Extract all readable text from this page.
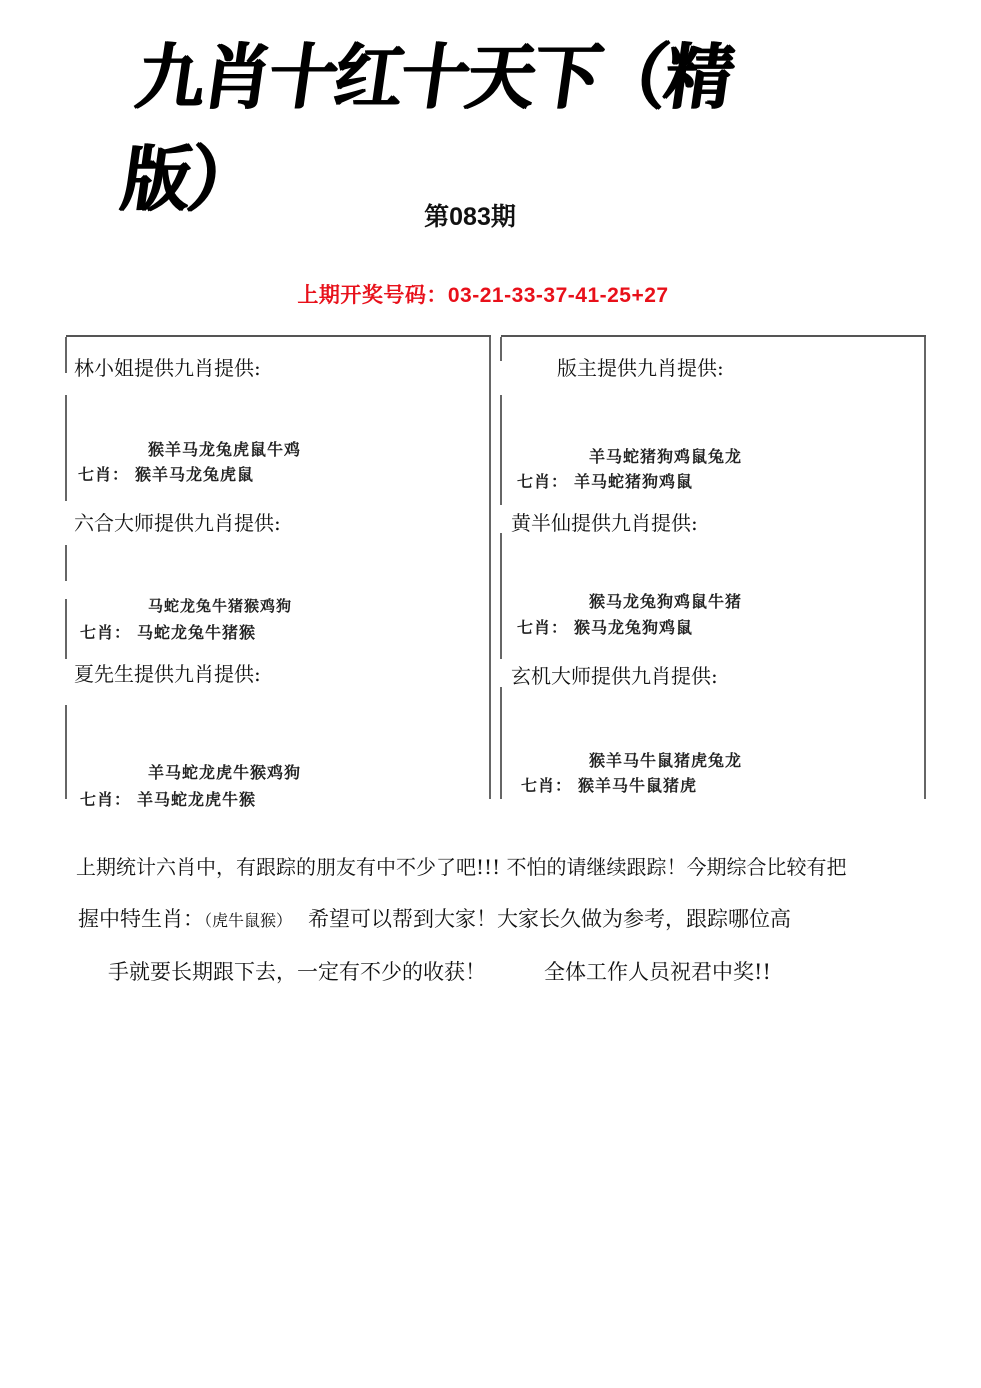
九肖十红十天下（精版）	第083期
上期开奖号码：03-21-33-37-41-25+27
林小姐提供九肖提供:
猴羊马龙兔虎鼠牛鸡
七肖： 猴羊马龙兔虎鼠
六合大师提供九肖提供:
马蛇龙兔牛猪猴鸡狗
七肖： 马蛇龙兔牛猪猴
夏先生提供九肖提供:
羊马蛇龙虎牛猴鸡狗
七肖： 羊马蛇龙虎牛猴
版主提供九肖提供:
羊马蛇猪狗鸡鼠兔龙
七肖： 羊马蛇猪狗鸡鼠
黄半仙提供九肖提供:
猴马龙兔狗鸡鼠牛猪
七肖： 猴马龙兔狗鸡鼠
玄机大师提供九肖提供:
猴羊马牛鼠猪虎兔龙
七肖： 猴羊马牛鼠猪虎
上期统计六肖中，有跟踪的朋友有中不少了吧!!! 不怕的请继续跟踪！今期综合比较有把
握中特生肖：（虎牛鼠猴） 希望可以帮到大家！大家长久做为参考，跟踪哪位高
手就要长期跟下去，一定有不少的收获！	全体工作人员祝君中奖!!
